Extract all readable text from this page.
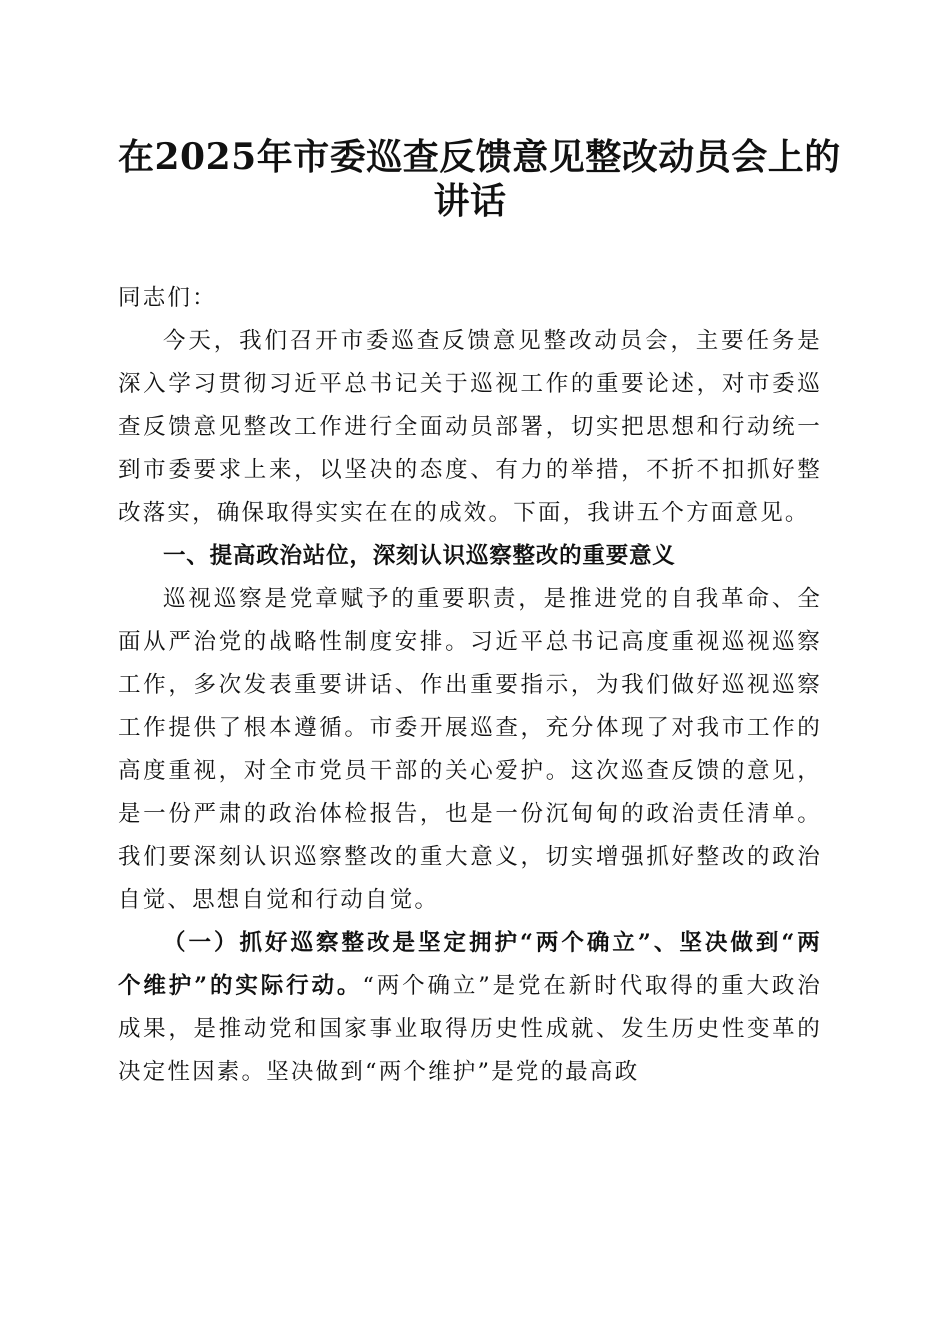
在2025年市委巡查反馈意见整改动员会上的
讲话

同志们：

今天，我们召开市委巡查反馈意见整改动员会，主要任务是深入学习贯彻习近平总书记关于巡视工作的重要论述，对市委巡查反馈意见整改工作进行全面动员部署，切实把思想和行动统一到市委要求上来，以坚决的态度、有力的举措，不折不扣抓好整改落实，确保取得实实在在的成效。下面，我讲五个方面意见。

一、提高政治站位，深刻认识巡察整改的重要意义

巡视巡察是党章赋予的重要职责，是推进党的自我革命、全面从严治党的战略性制度安排。习近平总书记高度重视巡视巡察工作，多次发表重要讲话、作出重要指示，为我们做好巡视巡察工作提供了根本遵循。市委开展巡查，充分体现了对我市工作的高度重视，对全市党员干部的关心爱护。这次巡查反馈的意见，是一份严肃的政治体检报告，也是一份沉甸甸的政治责任清单。我们要深刻认识巡察整改的重大意义，切实增强抓好整改的政治自觉、思想自觉和行动自觉。

（一）抓好巡察整改是坚定拥护“两个确立”、坚决做到“两个维护”的实际行动。“两个确立”是党在新时代取得的重大政治成果，是推动党和国家事业取得历史性成就、发生历史性变革的决定性因素。坚决做到“两个维护”是党的最高政
